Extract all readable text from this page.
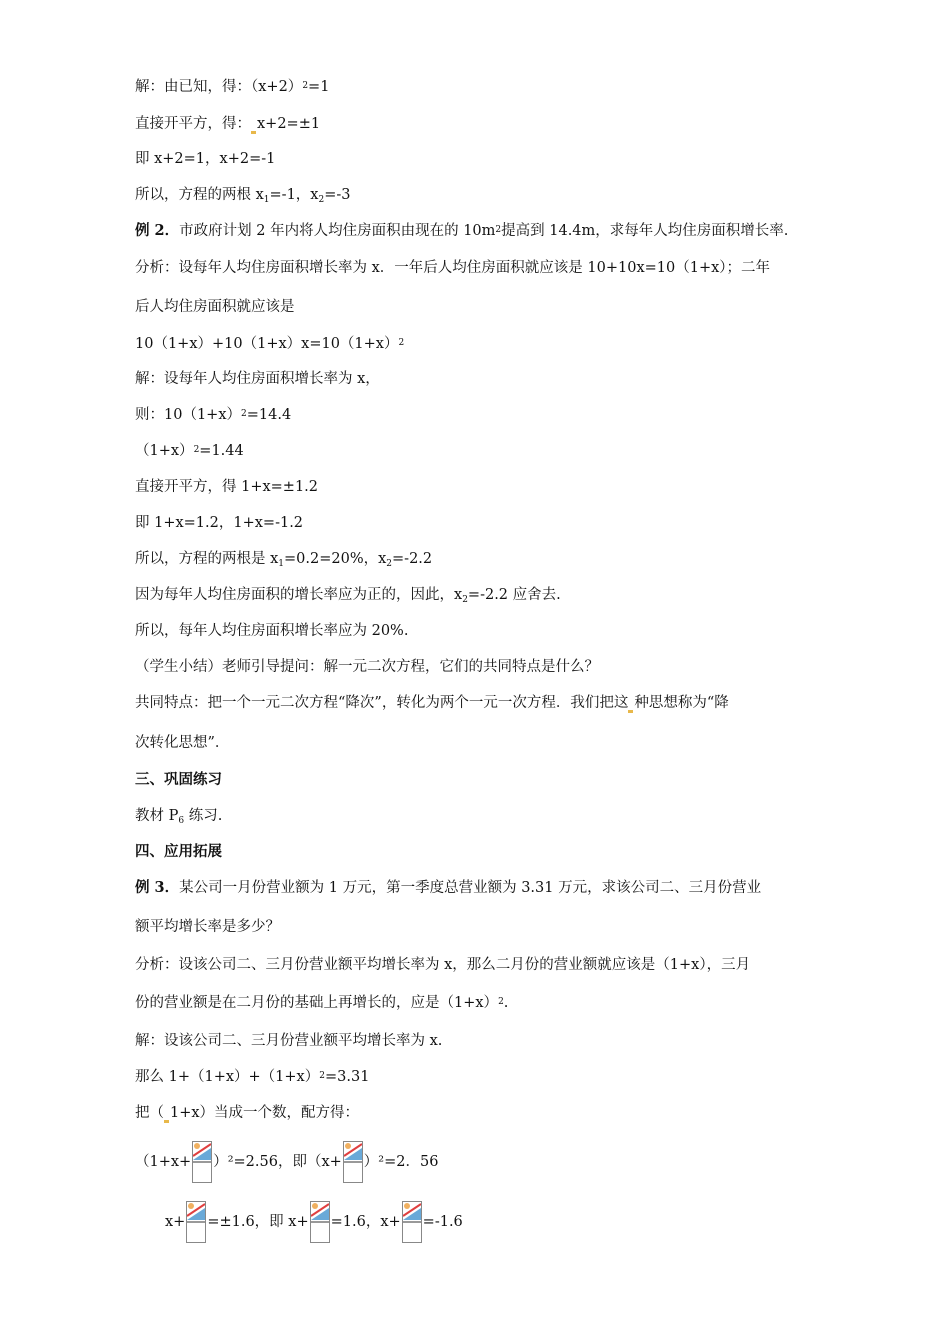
解：由已知，得：$(x+2)^2=1$
直接开平方，得： x+2=±1
即 x+2=1，x+2=-1
所以，方程的两根 $x_1=-1$，$x_2=-3$
例 2．市政府计划 2 年内将人均住房面积由现在的 $10m^2$提高到 14.4m，求每年人均住房面积增长率.
分析：设每年人均住房面积增长率为 x．一年后人均住房面积就应该是 10+10x=10（1+x）；二年
后人均住房面积就应该是
$10(1+x)+10(1+x)x=10(1+x)^2$
解：设每年人均住房面积增长率为 x，
则：$10(1+x)^2=14.4$
$(1+x)^2=1.44$
直接开平方，得 1+x=±1.2
即 1+x=1.2，1+x=-1.2
所以，方程的两根是 $x_1=0.2=20\%$，$x_2=-2.2$
因为每年人均住房面积的增长率应为正的，因此，$x_2=-2.2$ 应舍去.
所以，每年人均住房面积增长率应为 20%.
（学生小结）老师引导提问：解一元二次方程，它们的共同特点是什么？
共同特点：把一个一元二次方程“降次”，转化为两个一元一次方程．我们把这 种思想称为“降
次转化思想”．
三、巩固练习
教材 $P_6$ 练习.
四、应用拓展
例 3．某公司一月份营业额为 1 万元，第一季度总营业额为 3.31 万元，求该公司二、三月份营业
额平均增长率是多少？
分析：设该公司二、三月份营业额平均增长率为 x，那么二月份的营业额就应该是（1+x），三月
份的营业额是在二月份的基础上再增长的，应是$(1+x)^2$.
解：设该公司二、三月份营业额平均增长率为 x.
那么 $1+(1+x)+(1+x)^2=3.31$
把（ 1+x）当成一个数，配方得：
（1+x+ ）²=2.56，即（x+ ）²=2．56
x+ =±1.6，即 x+ =1.6，x+ =-1.6
